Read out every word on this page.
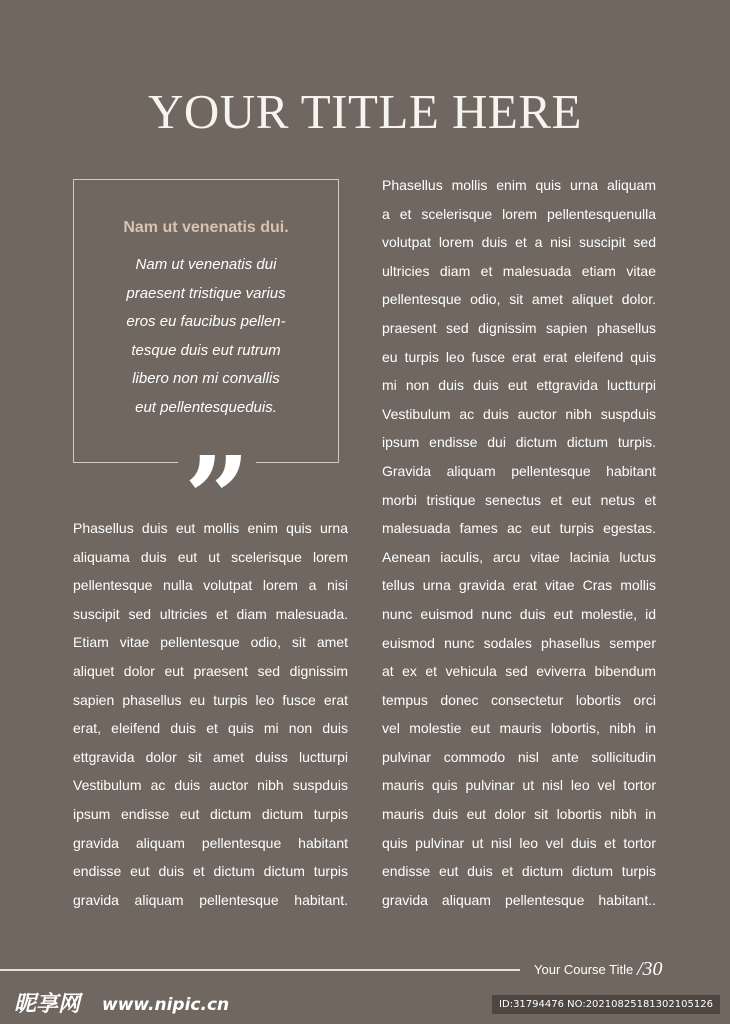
YOUR TITLE HERE
Nam ut venenatis dui.
Nam ut venenatis dui
praesent tristique varius
eros eu faucibus pellen-
tesque duis eut rutrum
libero non mi convallis
eut pellentesqueduis.
”
Phasellus duis eut mollis enim quis urna
aliquama duis eut ut scelerisque lorem
pellentesque nulla volutpat lorem a nisi
suscipit sed ultricies et diam malesuada.
Etiam vitae pellentesque odio, sit amet
aliquet dolor eut praesent sed dignissim
sapien phasellus eu turpis leo fusce erat
erat, eleifend duis et quis mi non duis
ettgravida dolor sit amet duiss luctturpi
Vestibulum ac duis auctor nibh suspduis
ipsum endisse eut dictum dictum turpis
gravida aliquam pellentesque habitant
endisse eut duis et dictum dictum turpis
gravida aliquam pellentesque habitant.
Phasellus mollis enim quis urna aliquam
a et scelerisque lorem pellentesquenulla
volutpat lorem duis et a nisi suscipit sed
ultricies diam et malesuada etiam vitae
pellentesque odio, sit amet aliquet dolor.
praesent sed dignissim sapien phasellus
eu turpis leo fusce erat erat eleifend quis
mi non duis duis eut ettgravida luctturpi
Vestibulum ac duis auctor nibh suspduis
ipsum endisse dui dictum dictum turpis.
Gravida aliquam pellentesque habitant
morbi tristique senectus et eut netus et
malesuada fames ac eut turpis egestas.
Aenean iaculis, arcu vitae lacinia luctus
tellus urna gravida erat vitae Cras mollis
nunc euismod nunc duis eut molestie, id
euismod nunc sodales phasellus semper
at ex et vehicula sed eviverra bibendum
tempus donec consectetur lobortis orci
vel molestie eut mauris lobortis, nibh in
pulvinar commodo nisl ante sollicitudin
mauris quis pulvinar ut nisl leo vel tortor
mauris duis eut dolor sit lobortis nibh in
quis pulvinar ut nisl leo vel duis et tortor
endisse eut duis et dictum dictum turpis
gravida aliquam pellentesque habitant..
Your Course Title /30
昵享网 www.nipic.cn	ID:31794476 NO:20210825181302105126
